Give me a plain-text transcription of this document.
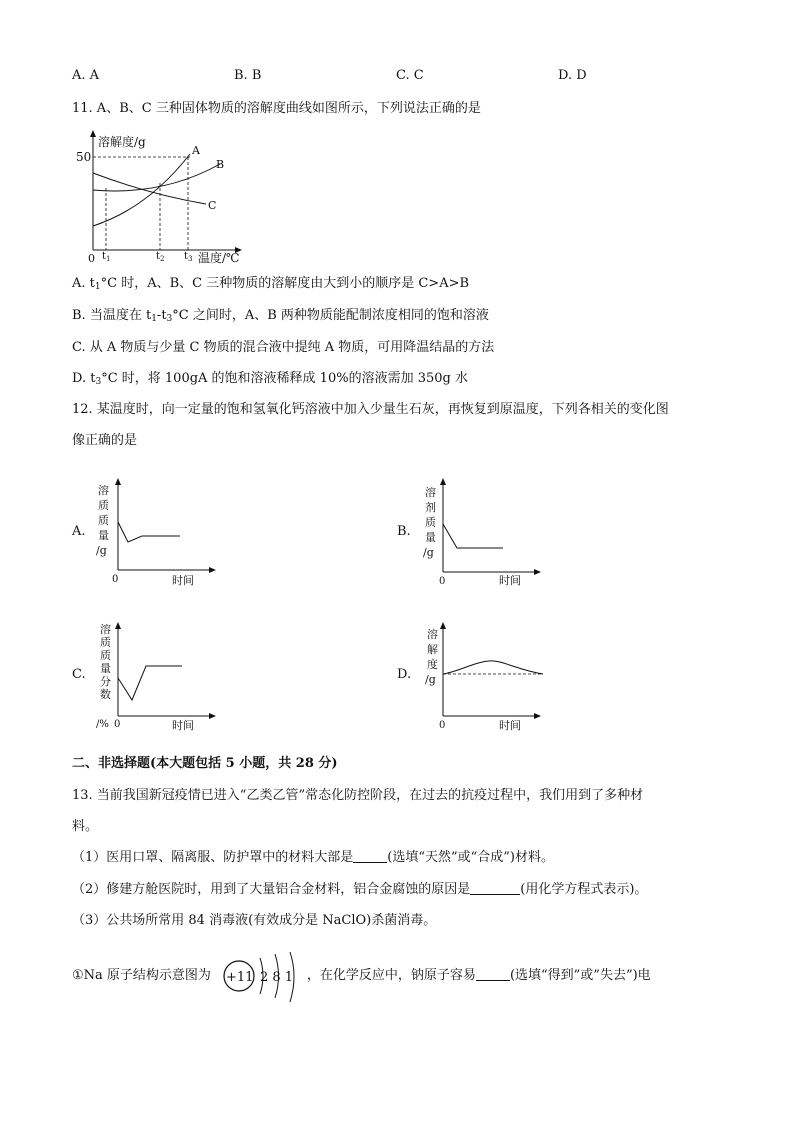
A. A	B. B	C. C	D. D
11. A、B、C 三种固体物质的溶解度曲线如图所示，下列说法正确的是
溶解度/g
50
0 $t_1$	$t_2$ $t_3$ 温度/℃
A
B
C
A. $t_1^\circ C$ 时，A、B、C 三种物质的溶解度由大到小的顺序是 C>A>B
B. 当温度在 $t_1-t_3^\circ C$ 之间时，A、B 两种物质能配制浓度相同的饱和溶液
C. 从 A 物质与少量 C 物质的混合液中提纯 A 物质，可用降温结晶的方法
D. $t_3^\circ C$ 时，将 100gA 的饱和溶液稀释成 10%的溶液需加 350g 水
12. 某温度时，向一定量的饱和氢氧化钙溶液中加入少量生石灰，再恢复到原温度，下列各相关的变化图
像正确的是
A.
溶
质
质
量
/g
0	时间
B.
溶
剂
质
量
/g
0	时间
C.
溶
质
质
量
分
数
/% 0	时间
D.
溶
解
度
/g
0	时间
二、非选择题(本大题包括 5 小题，共 28 分)
13. 当前我国新冠疫情已进入“乙类乙管”常态化防控阶段，在过去的抗疫过程中，我们用到了多种材
料。
（1）医用口罩、隔离服、防护罩中的材料大部是	(选填“天然”或“合成”)材料。
（2）修建方舱医院时，用到了大量铝合金材料，铝合金腐蚀的原因是	(用化学方程式表示)。
（3）公共场所常用 84 消毒液(有效成分是 NaClO)杀菌消毒。
①Na 原子结构示意图为	，在化学反应中，钠原子容易	(选填“得到”或”失去”)电
+11 2 8 1
